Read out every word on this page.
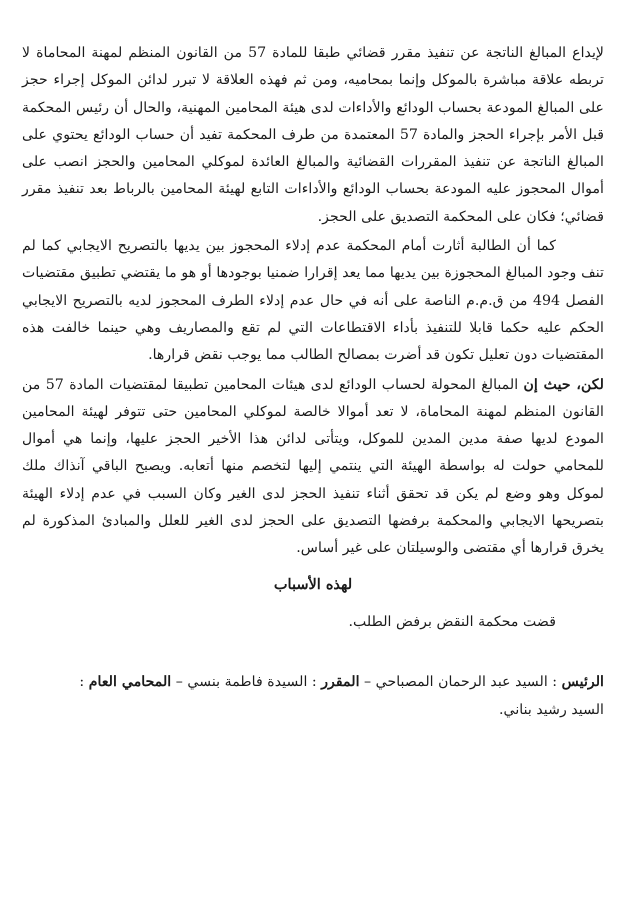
لإيداع المبالغ الناتجة عن تنفيذ مقرر قضائي طبقا للمادة 57 من القانون المنظم لمهنة المحاماة لا تربطه علاقة مباشرة بالموكل وإنما بمحاميه، ومن ثم فهذه العلاقة لا تبرر لدائن الموكل إجراء حجز على المبالغ المودعة بحساب الودائع والأداءات لدى هيئة المحامين المهنية، والحال أن رئيس المحكمة قبل الأمر بإجراء الحجز والمادة 57 المعتمدة من طرف المحكمة تفيد أن حساب الودائع يحتوي على المبالغ الناتجة عن تنفيذ المقررات القضائية والمبالغ العائدة لموكلي المحامين والحجز انصب على أموال المحجوز عليه المودعة بحساب الودائع والأداءات التابع لهيئة المحامين بالرباط بعد تنفيذ مقرر قضائي؛ فكان على المحكمة التصديق على الحجز.

كما أن الطالبة أثارت أمام المحكمة عدم إدلاء المحجوز بين يديها بالتصريح الايجابي كما لم تنف وجود المبالغ المحجوزة بين يديها مما يعد إقرارا ضمنيا بوجودها أو هو ما يقتضي تطبيق مقتضيات الفصل 494 من ق.م.م الناصة على أنه في حال عدم إدلاء الطرف المحجوز لديه بالتصريح الايجابي الحكم عليه حكما قابلا للتنفيذ بأداء الاقتطاعات التي لم تقع والمصاريف وهي حينما خالفت هذه المقتضيات دون تعليل تكون قد أضرت بمصالح الطالب مما يوجب نقض قرارها.

لكن، حيث إن المبالغ المحولة لحساب الودائع لدى هيئات المحامين تطبيقا لمقتضيات المادة 57 من القانون المنظم لمهنة المحاماة، لا تعد أموالا خالصة لموكلي المحامين حتى تتوفر لهيئة المحامين المودع لديها صفة مدين المدين للموكل، ويتأتى لدائن هذا الأخير الحجز عليها، وإنما هي أموال للمحامي حولت له بواسطة الهيئة التي ينتمي إليها لتخصم منها أتعابه. ويصبح الباقي آنذاك ملك لموكل وهو وضع لم يكن قد تحقق أثناء تنفيذ الحجز لدى الغير وكان السبب في عدم إدلاء الهيئة بتصريحها الايجابي والمحكمة برفضها التصديق على الحجز لدى الغير للعلل والمبادئ المذكورة لم يخرق قرارها أي مقتضى والوسيلتان على غير أساس.

لهذه الأسباب

قضت محكمة النقض برفض الطلب.

الرئيس : السيد عبد الرحمان المصباحي – المقرر : السيدة فاطمة بنسي – المحامي العام :
السيد رشيد بناني.
